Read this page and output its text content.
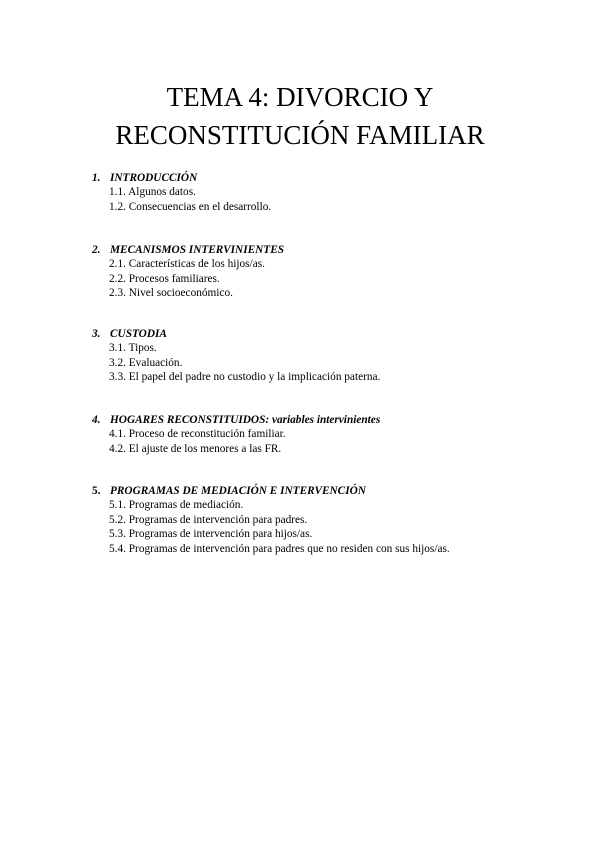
TEMA 4: DIVORCIO Y
RECONSTITUCIÓN FAMILIAR
1. INTRODUCCIÓN
1.1. Algunos datos.
1.2. Consecuencias en el desarrollo.
2. MECANISMOS INTERVINIENTES
2.1. Características de los hijos/as.
2.2. Procesos familiares.
2.3. Nivel socioeconómico.
3. CUSTODIA
3.1. Tipos.
3.2. Evaluación.
3.3. El papel del padre no custodio y la implicación paterna.
4. HOGARES RECONSTITUIDOS: variables intervinientes
4.1. Proceso de reconstitución familiar.
4.2. El ajuste de los menores a las FR.
5. PROGRAMAS DE MEDIACIÓN E INTERVENCIÓN
5.1. Programas de mediación.
5.2. Programas de intervención para padres.
5.3. Programas de intervención para hijos/as.
5.4. Programas de intervención para padres que no residen con sus hijos/as.
